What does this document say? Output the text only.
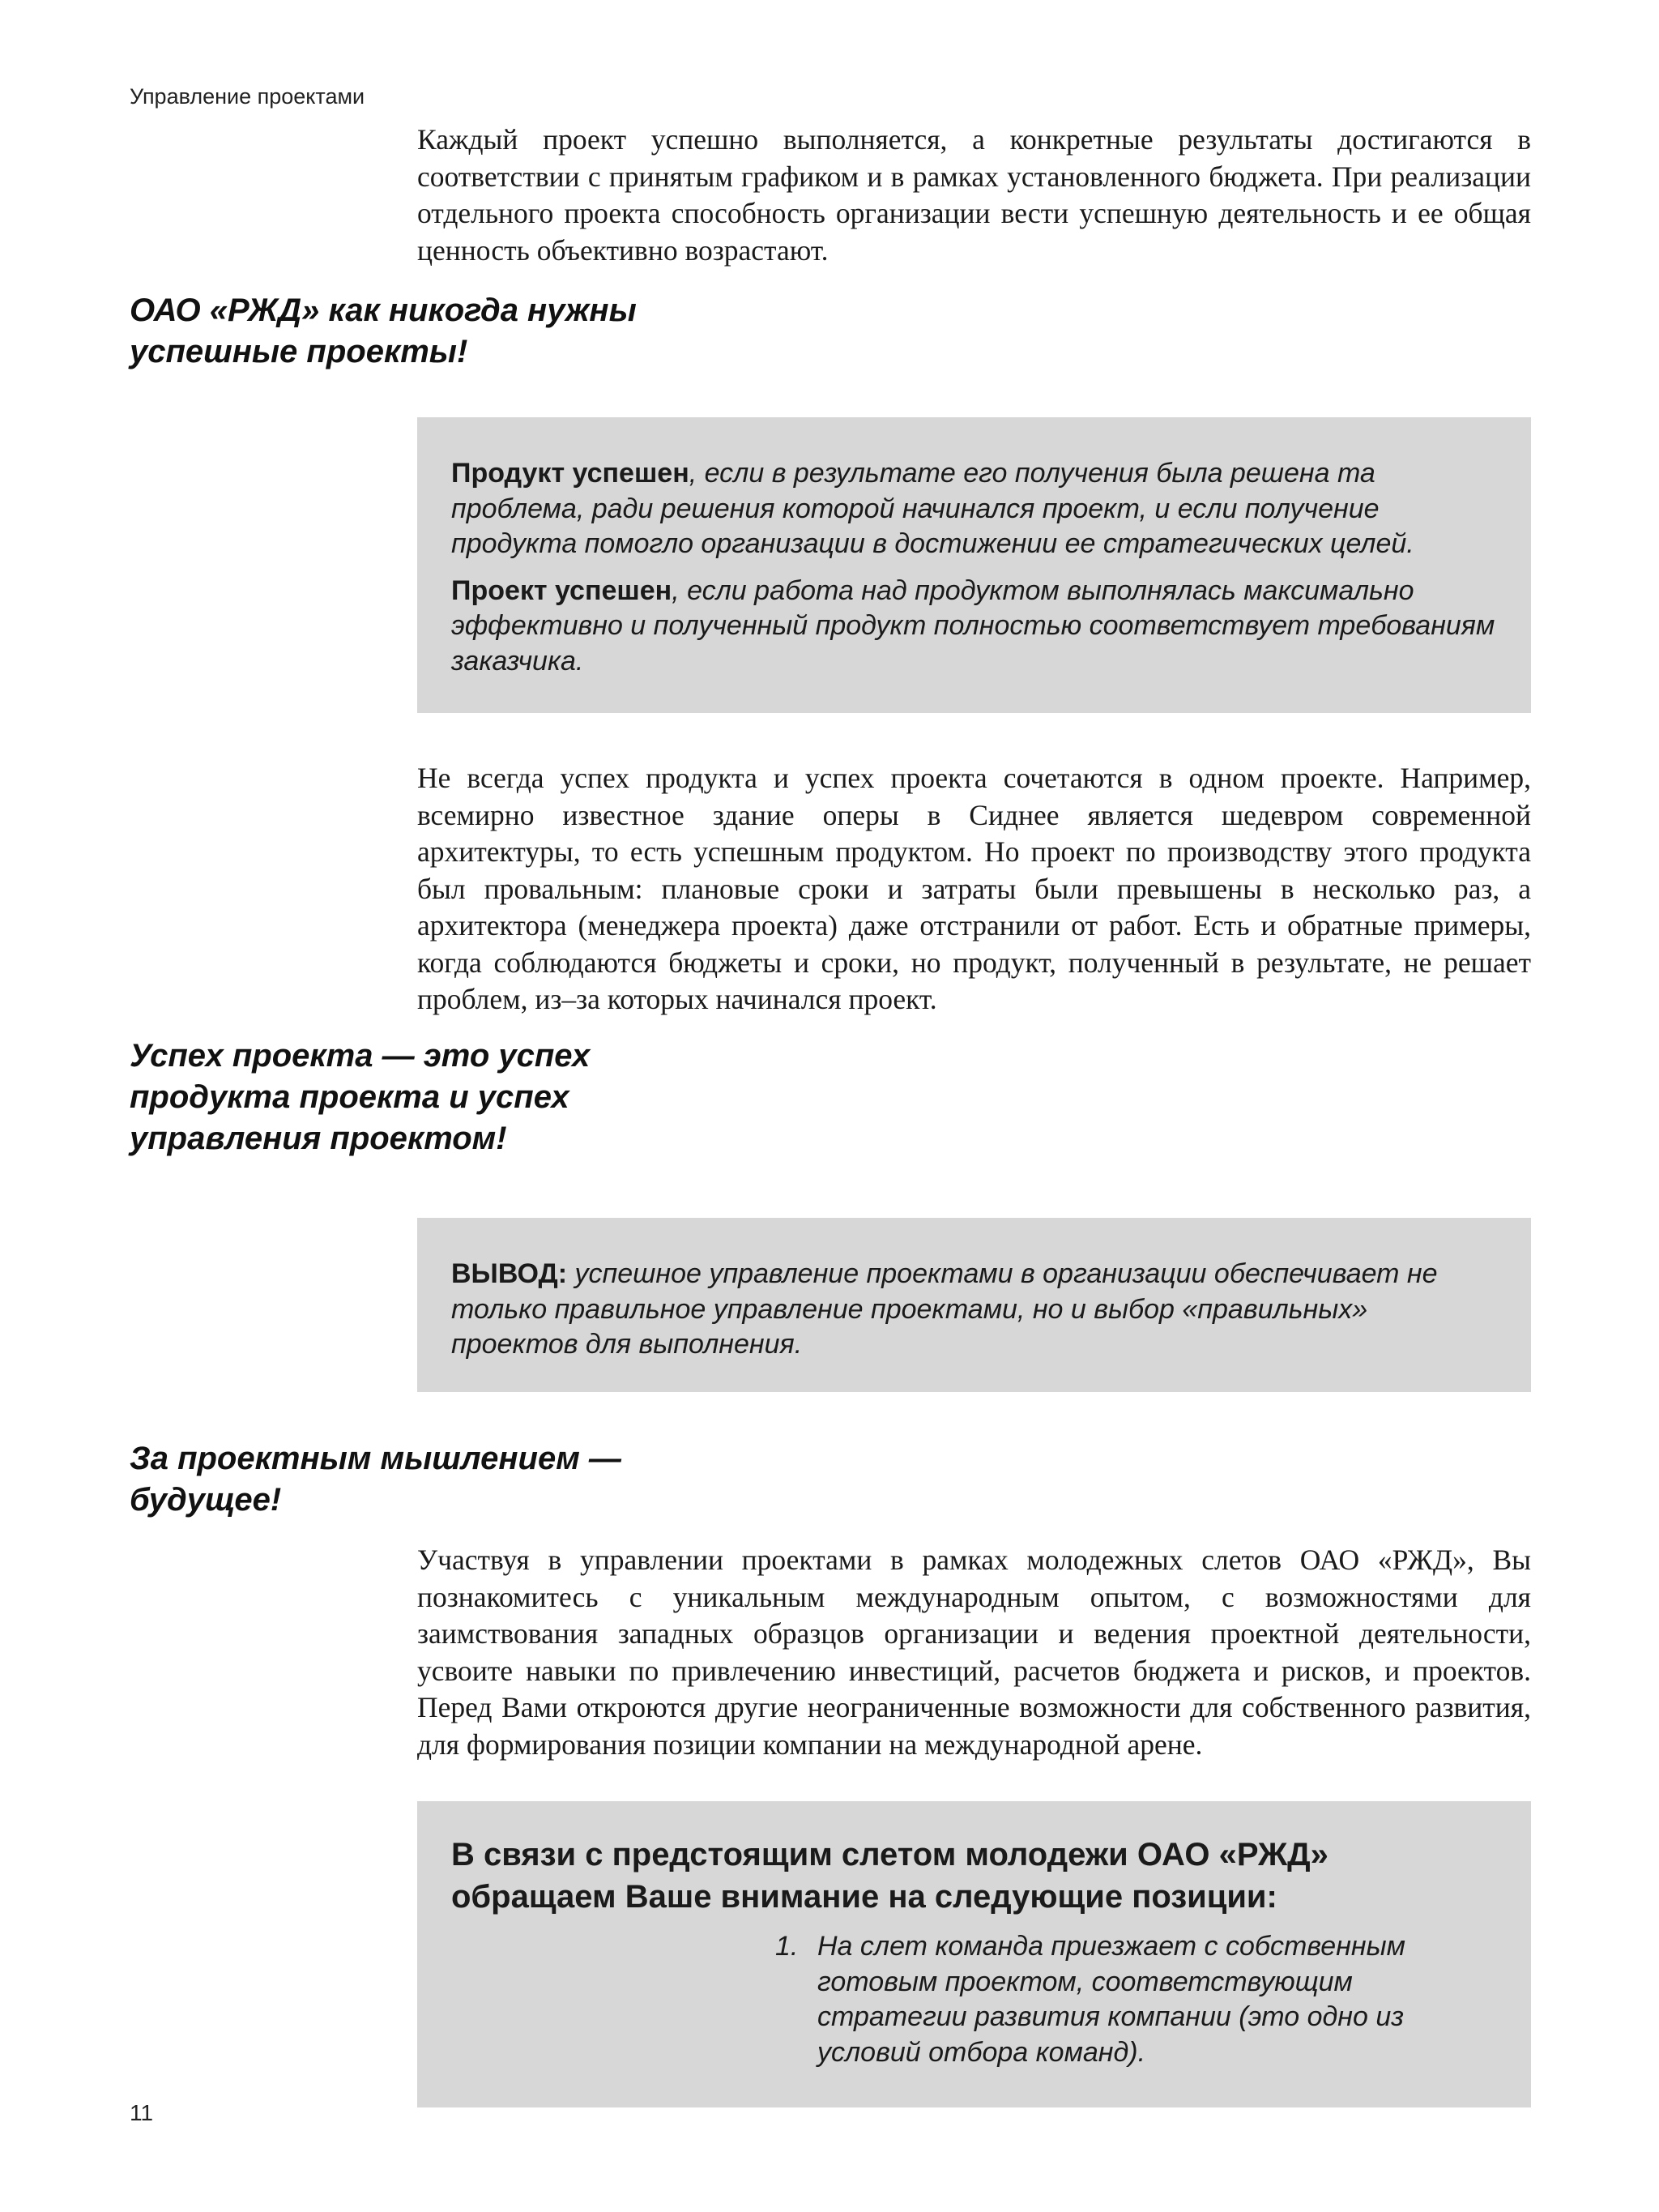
Управление проектами

Каждый проект успешно выполняется, а конкретные результаты достигаются в соответствии с принятым графиком и в рамках установленного бюджета. При реализации отдельного проекта способность организации вести успешную деятельность и ее общая ценность объективно возрастают.

ОАО «РЖД» как никогда нужны успешные проекты!

Продукт успешен, если в результате его получения была решена та проблема, ради решения которой начинался проект, и если получение продукта помогло организации в достижении ее стратегических целей.

Проект успешен, если работа над продуктом выполнялась максимально эффективно и полученный продукт полностью соответствует требованиям заказчика.

Не всегда успех продукта и успех проекта сочетаются в одном проекте. Например, всемирно известное здание оперы в Сиднее является шедевром современной архитектуры, то есть успешным продуктом. Но проект по производству этого продукта был провальным: плановые сроки и затраты были превышены в несколько раз, а архитектора (менеджера проекта) даже отстранили от работ. Есть и обратные примеры, когда соблюдаются бюджеты и сроки, но продукт, полученный в результате, не решает проблем, из–за которых начинался проект.

Успех проекта — это успех продукта проекта и успех управления проектом!

ВЫВОД: успешное управление проектами в организации обеспечивает не только правильное управление проектами, но и выбор «правильных» проектов для выполнения.

За проектным мышлением — будущее!

Участвуя в управлении проектами в рамках молодежных слетов ОАО «РЖД», Вы познакомитесь с уникальным международным опытом, с возможностями для заимствования западных образцов организации и ведения проектной деятельности, усвоите навыки по привлечению инвестиций, расчетов бюджета и рисков, и проектов. Перед Вами откроются другие неограниченные возможности для собственного развития, для формирования позиции компании на международной арене.

В связи с предстоящим слетом молодежи ОАО «РЖД» обращаем Ваше внимание на следующие позиции:
1. На слет команда приезжает с собственным готовым проектом, соответствующим стратегии развития компании (это одно из условий отбора команд).
11
